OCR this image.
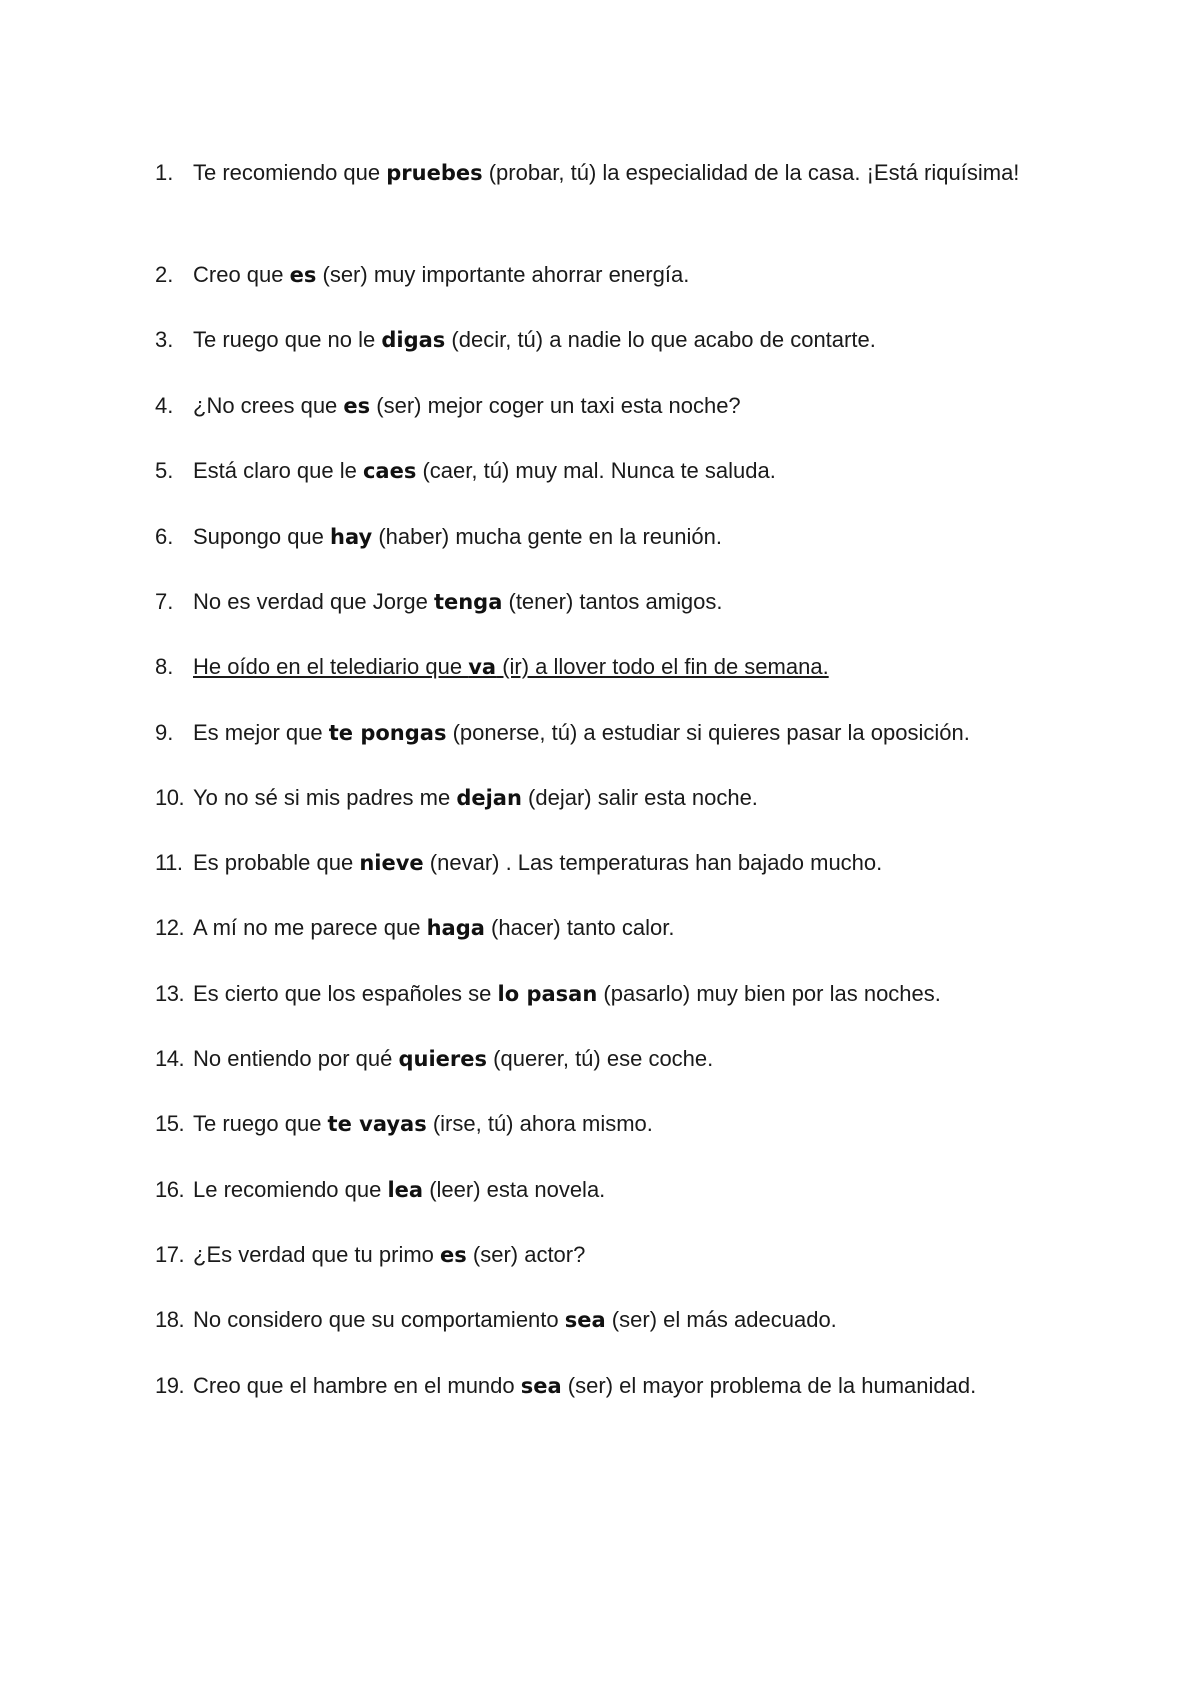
1. Te recomiendo que pruebes (probar, tú) la especialidad de la casa. ¡Está riquísima!
2. Creo que es (ser) muy importante ahorrar energía.
3. Te ruego que no le digas (decir, tú) a nadie lo que acabo de contarte.
4. ¿No crees que es (ser) mejor coger un taxi esta noche?
5. Está claro que le caes (caer, tú) muy mal. Nunca te saluda.
6. Supongo que hay (haber) mucha gente en la reunión.
7. No es verdad que Jorge tenga (tener) tantos amigos.
8. He oído en el telediario que va (ir) a llover todo el fin de semana.
9. Es mejor que te pongas (ponerse, tú) a estudiar si quieres pasar la oposición.
10. Yo no sé si mis padres me dejan (dejar) salir esta noche.
11. Es probable que nieve (nevar) . Las temperaturas han bajado mucho.
12. A mí no me parece que haga (hacer) tanto calor.
13. Es cierto que los españoles se lo pasan (pasarlo) muy bien por las noches.
14. No entiendo por qué quieres (querer, tú) ese coche.
15. Te ruego que te vayas (irse, tú) ahora mismo.
16. Le recomiendo que lea (leer) esta novela.
17. ¿Es verdad que tu primo es (ser) actor?
18. No considero que su comportamiento sea (ser) el más adecuado.
19. Creo que el hambre en el mundo sea (ser) el mayor problema de la humanidad.
